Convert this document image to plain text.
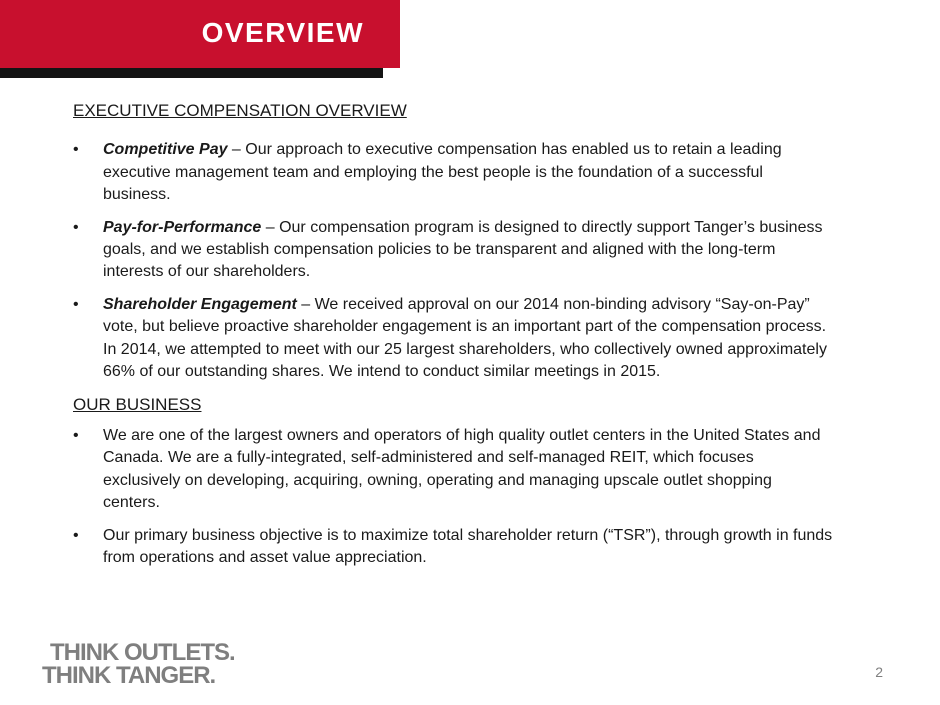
OVERVIEW
EXECUTIVE COMPENSATION OVERVIEW
• Competitive Pay – Our approach to executive compensation has enabled us to retain a leading executive management team and employing the best people is the foundation of a successful business.
• Pay-for-Performance – Our compensation program is designed to directly support Tanger’s business goals, and we establish compensation policies to be transparent and aligned with the long-term interests of our shareholders.
• Shareholder Engagement – We received approval on our 2014 non-binding advisory “Say-on-Pay” vote, but believe proactive shareholder engagement is an important part of the compensation process. In 2014, we attempted to meet with our 25 largest shareholders, who collectively owned approximately 66% of our outstanding shares. We intend to conduct similar meetings in 2015.
OUR BUSINESS
• We are one of the largest owners and operators of high quality outlet centers in the United States and Canada. We are a fully-integrated, self-administered and self-managed REIT, which focuses exclusively on developing, acquiring, owning, operating and managing upscale outlet shopping centers.
• Our primary business objective is to maximize total shareholder return (“TSR”), through growth in funds from operations and asset value appreciation.
THINK OUTLETS.
THINK TANGER.	2
